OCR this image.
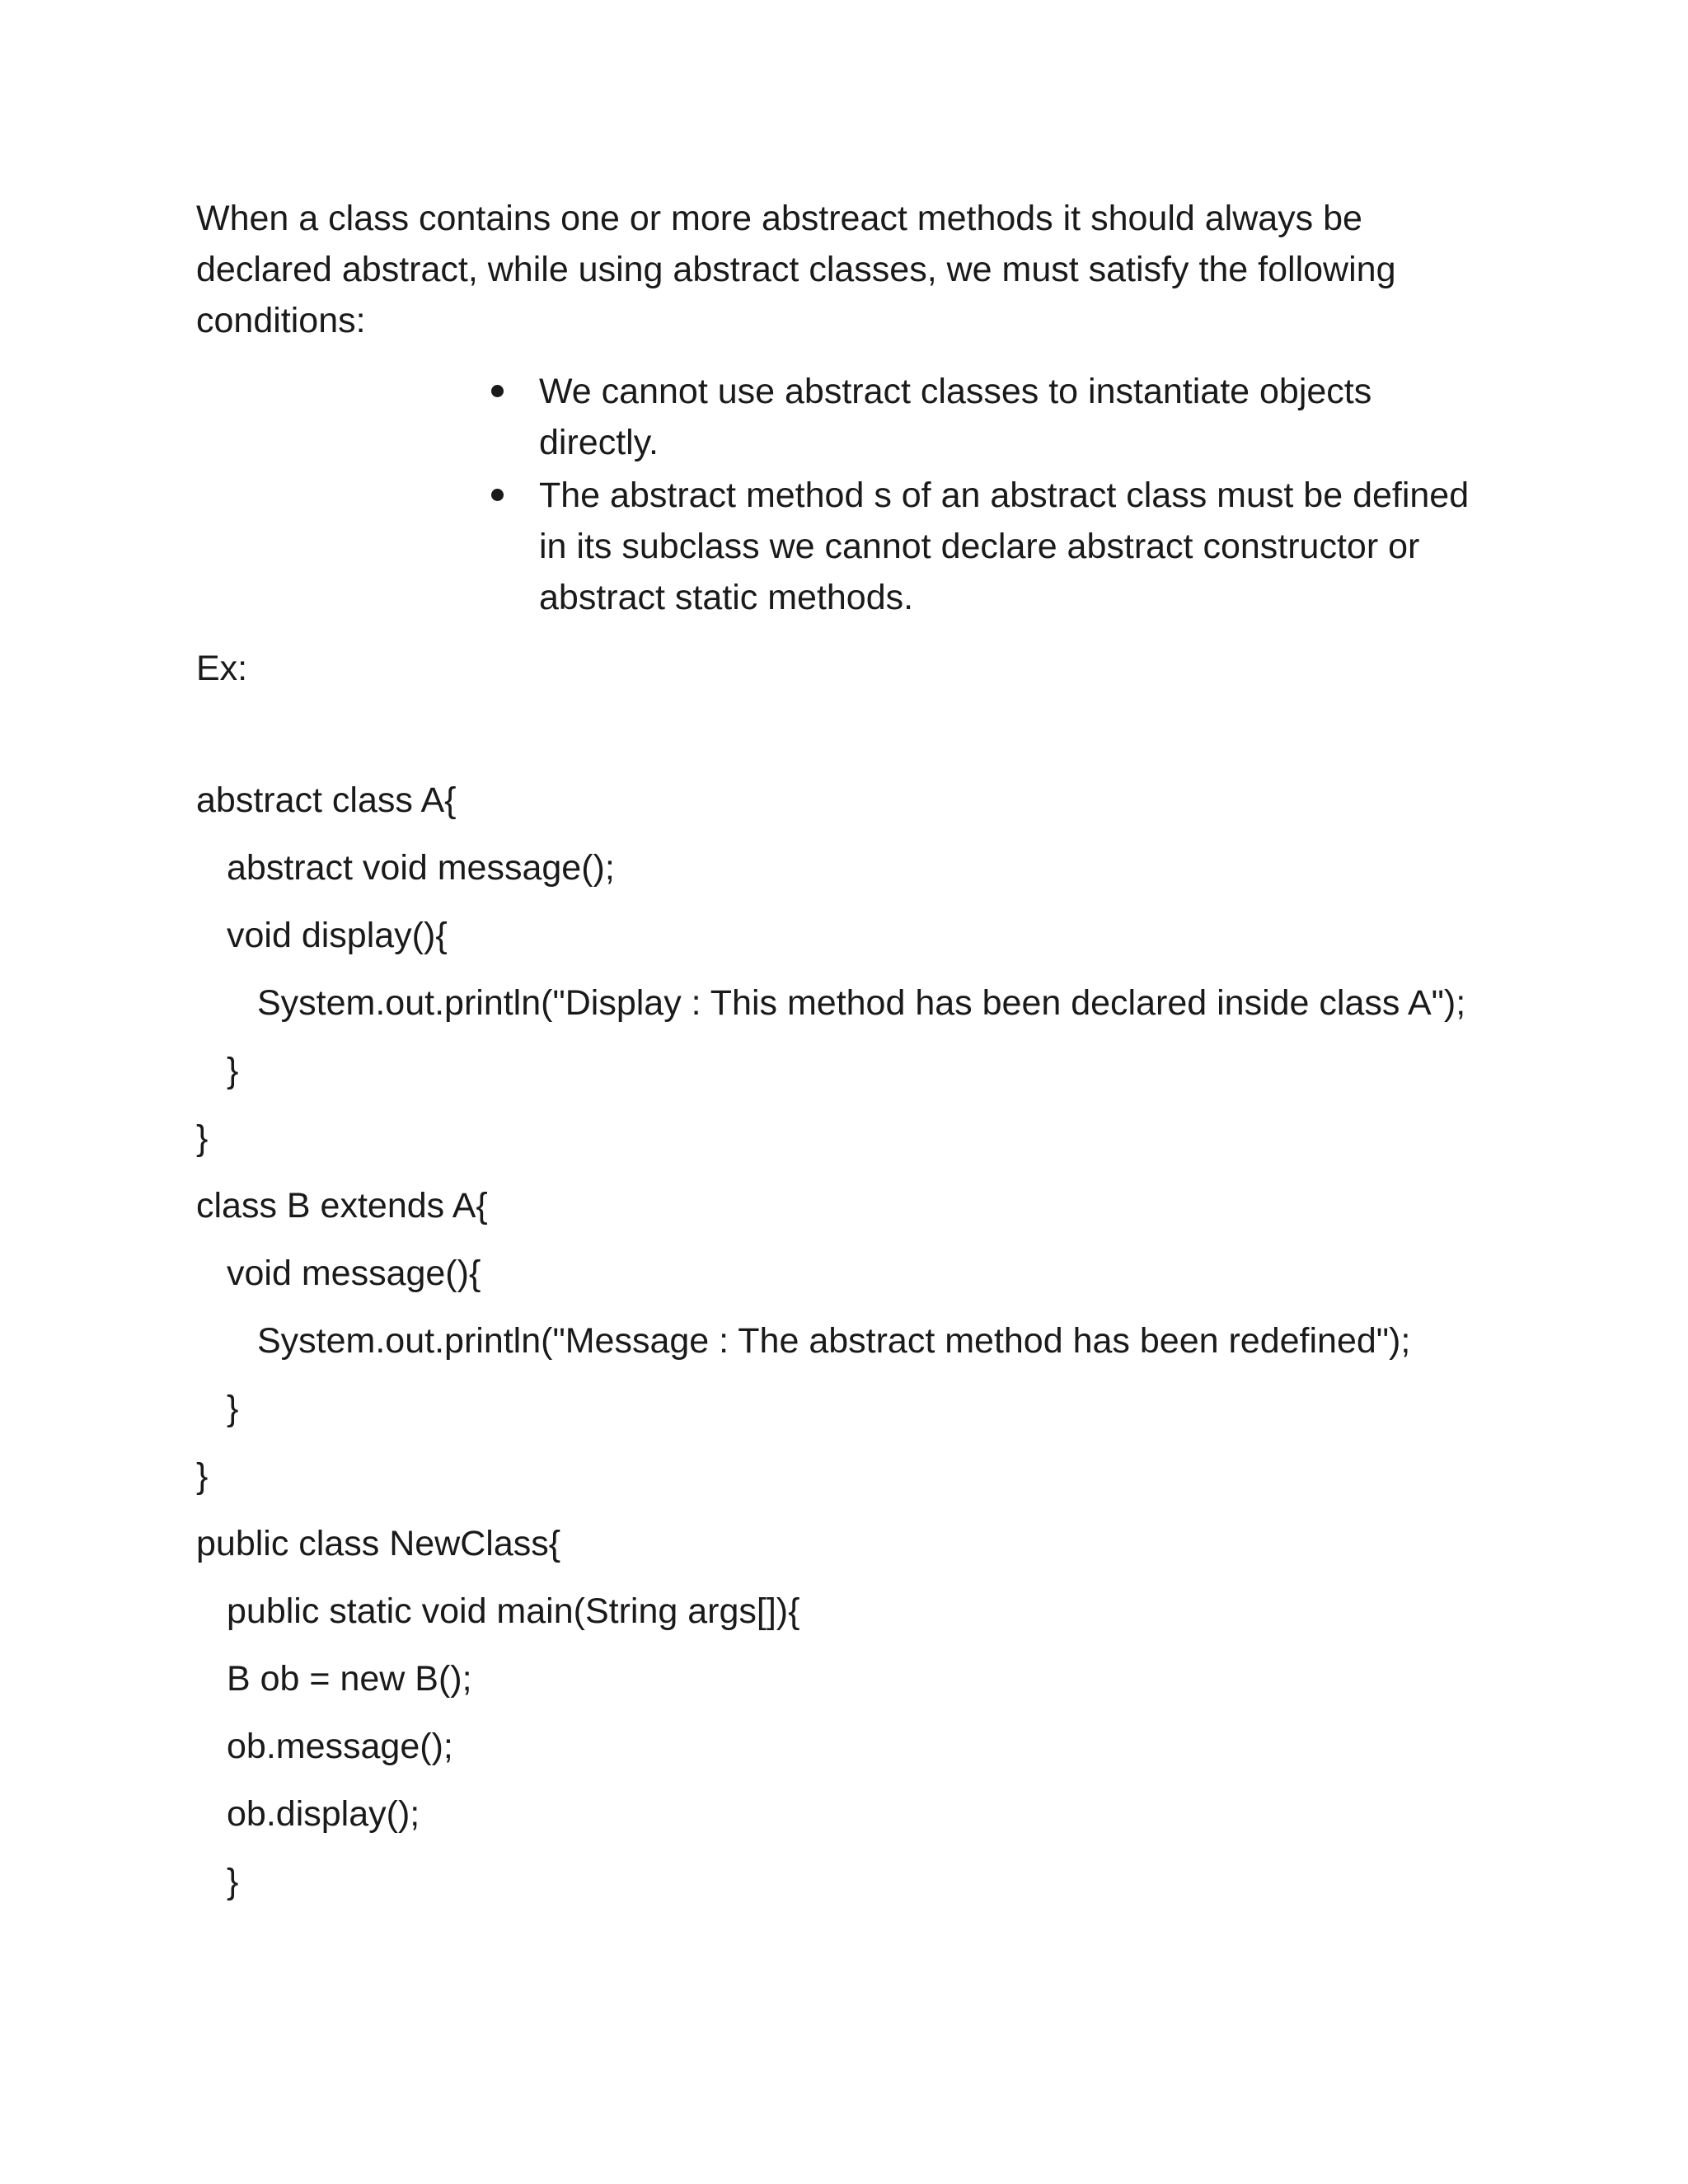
When a class contains one or more abstreact methods it should always be
declared abstract, while using abstract classes, we must satisfy the following
conditions:

We cannot use abstract classes to instantiate objects
directly.
The abstract method s of an abstract class must be defined
in its subclass we cannot declare abstract constructor or
abstract static methods.

Ex:

abstract class A{
abstract void message();
void display(){
System.out.println("Display : This method has been declared inside class A");
}
}
class B extends A{
void message(){
System.out.println("Message : The abstract method has been redefined");
}
}
public class NewClass{
public static void main(String args[]){
B ob = new B();
ob.message();
ob.display();
}
